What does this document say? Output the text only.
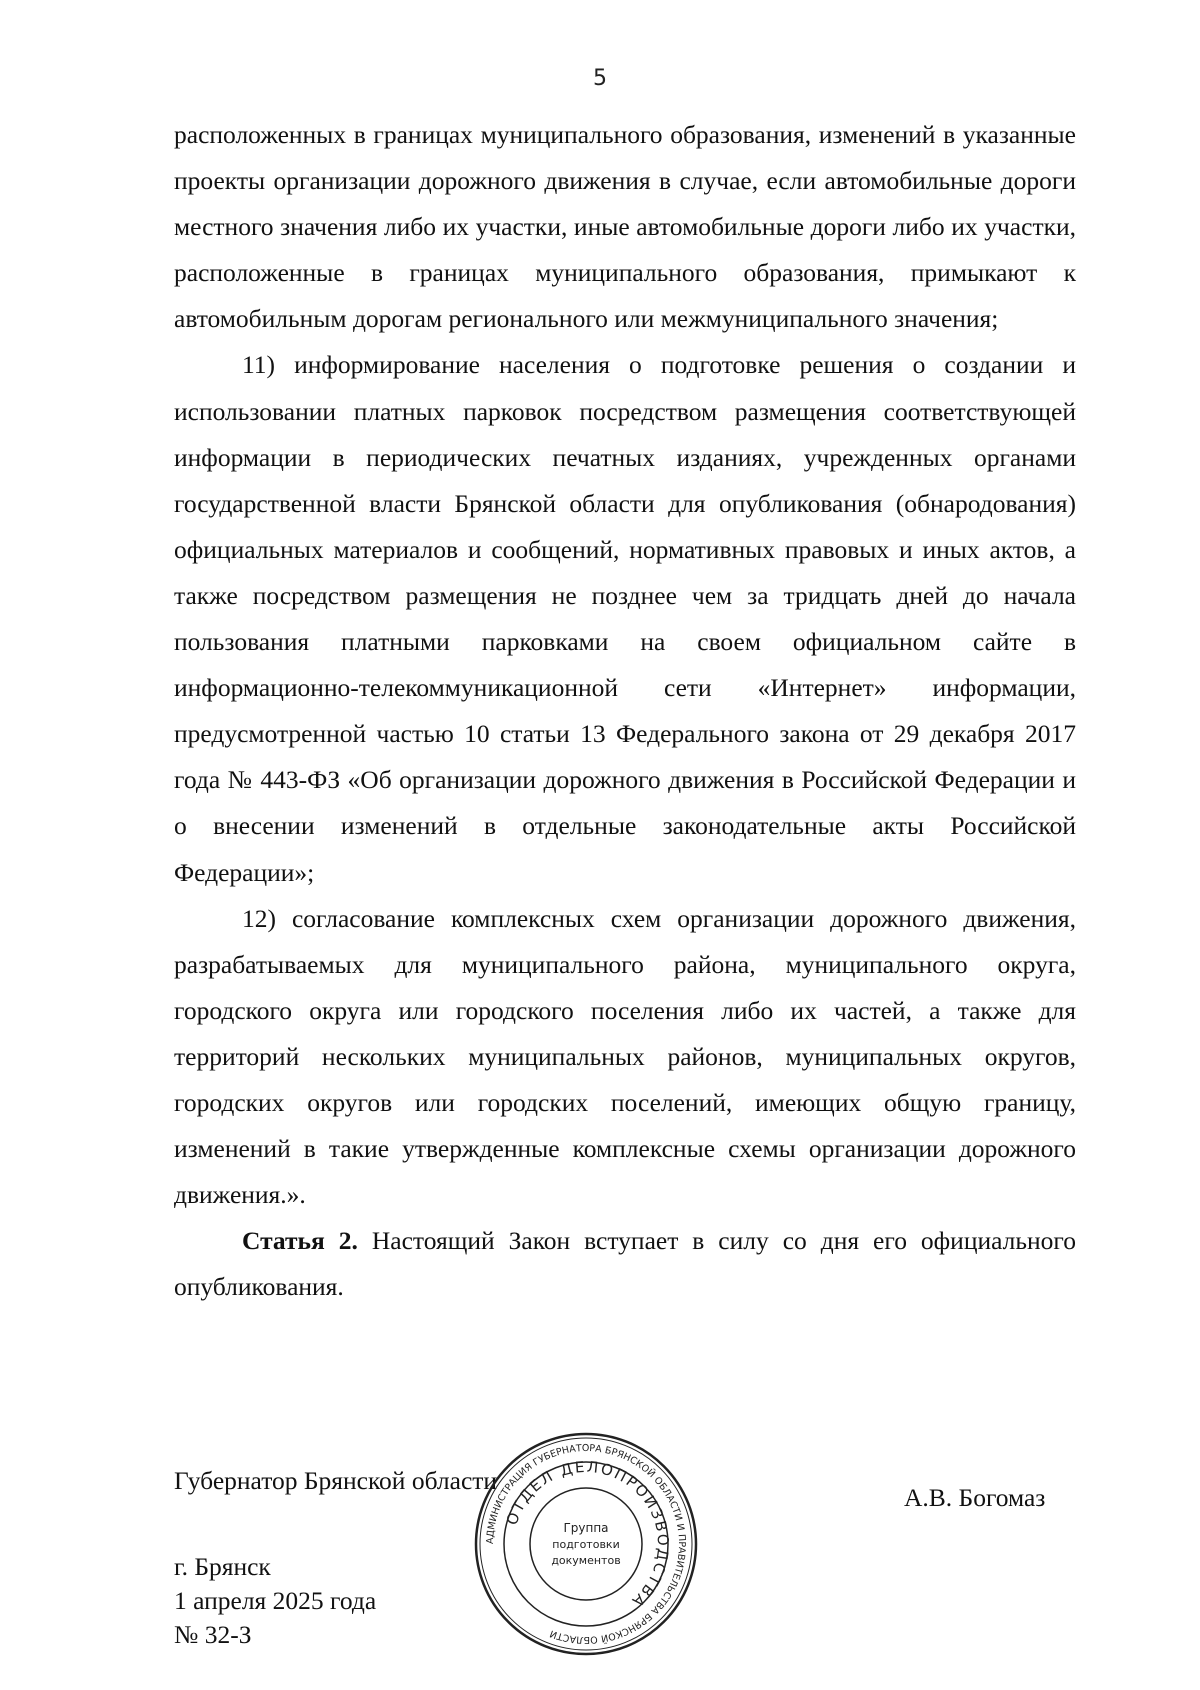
5

расположенных в границах муниципального образования, изменений в указанные проекты организации дорожного движения в случае, если автомобильные дороги местного значения либо их участки, иные автомобильные дороги либо их участки, расположенные в границах муниципального образования, примыкают к автомобильным дорогам регионального или межмуниципального значения;

11) информирование населения о подготовке решения о создании и использовании платных парковок посредством размещения соответствующей информации в периодических печатных изданиях, учрежденных органами государственной власти Брянской области для опубликования (обнародования) официальных материалов и сообщений, нормативных правовых и иных актов, а также посредством размещения не позднее чем за тридцать дней до начала пользования платными парковками на своем официальном сайте в информационно-телекоммуникационной сети «Интернет» информации, предусмотренной частью 10 статьи 13 Федерального закона от 29 декабря 2017 года № 443-ФЗ «Об организации дорожного движения в Российской Федерации и о внесении изменений в отдельные законодательные акты Российской Федерации»;

12) согласование комплексных схем организации дорожного движения, разрабатываемых для муниципального района, муниципального округа, городского округа или городского поселения либо их частей, а также для территорий нескольких муниципальных районов, муниципальных округов, городских округов или городских поселений, имеющих общую границу, изменений в такие утвержденные комплексные схемы организации дорожного движения.».

Статья 2. Настоящий Закон вступает в силу со дня его официального опубликования.

Губернатор Брянской области
А.В. Богомаз
г. Брянск
1 апреля 2025 года
№ 32-З
АДМИНИСТРАЦИЯ ГУБЕРНАТОРА БРЯНСКОЙ ОБЛАСТИ И ПРАВИТЕЛЬСТВА БРЯНСКОЙ ОБЛАСТИ
ОТДЕЛ ДЕЛОПРОИЗВОДСТВА
Группа
подготовки
документов
